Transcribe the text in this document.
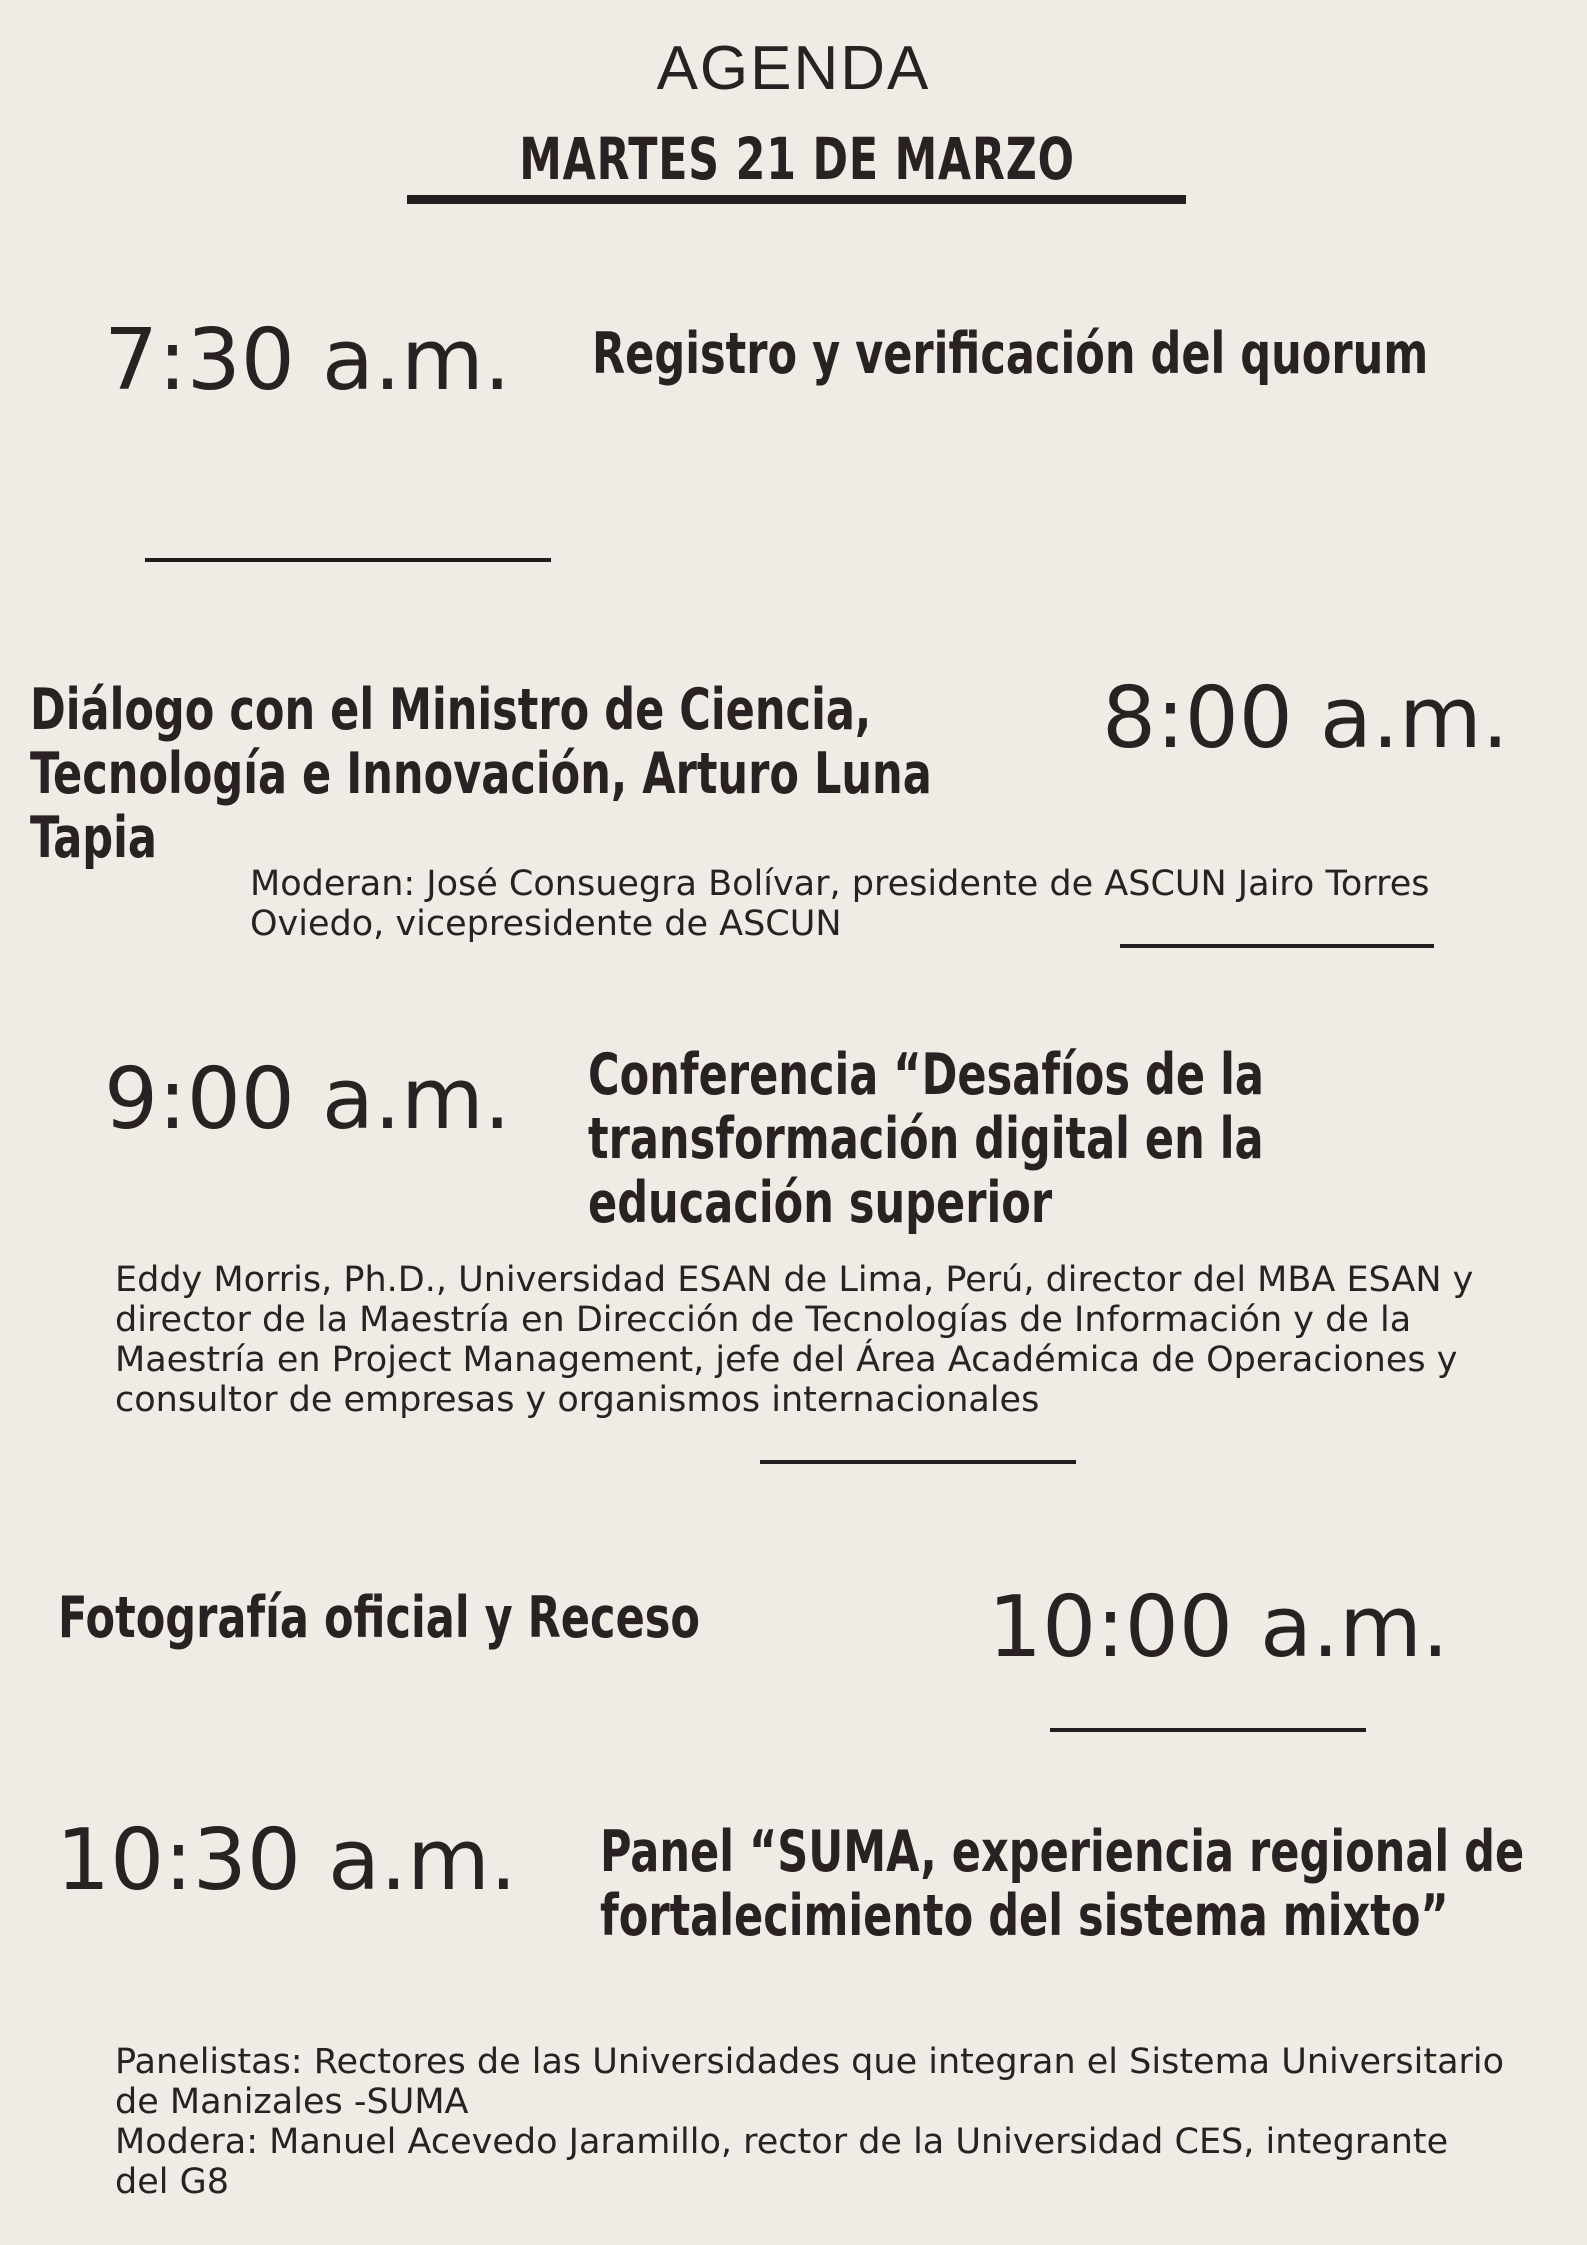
AGENDA
MARTES 21 DE MARZO
7:30 a.m. Registro y verificación del quorum
Diálogo con el Ministro de Ciencia, Tecnología e Innovación, Arturo Luna Tapia
8:00 a.m.
Moderan: José Consuegra Bolívar, presidente de ASCUN Jairo Torres Oviedo, vicepresidente de ASCUN
9:00 a.m. Conferencia “Desafíos de la transformación digital en la educación superior
Eddy Morris, Ph.D., Universidad ESAN de Lima, Perú, director del MBA ESAN y director de la Maestría en Dirección de Tecnologías de Información y de la Maestría en Project Management, jefe del Área Académica de Operaciones y consultor de empresas y organismos internacionales
Fotografía oficial y Receso	10:00 a.m.
10:30 a.m. Panel “SUMA, experiencia regional de fortalecimiento del sistema mixto”
Panelistas: Rectores de las Universidades que integran el Sistema Universitario de Manizales -SUMA
Modera: Manuel Acevedo Jaramillo, rector de la Universidad CES, integrante del G8
